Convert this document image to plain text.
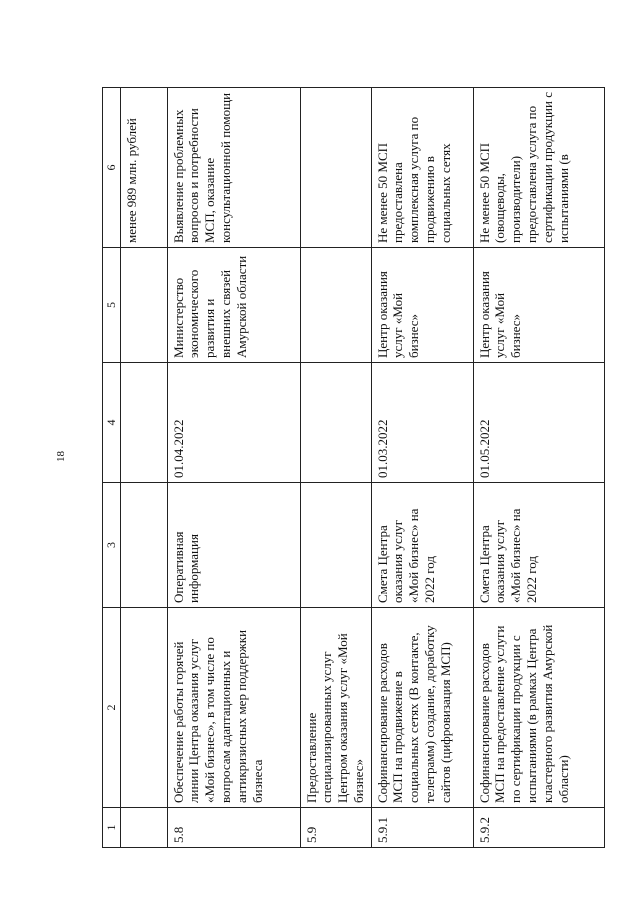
18
1	2	3	4	5	6
					менее 989 млн. рублей
5.8	Обеспечение работы горячей линии Центра оказания услуг «Мой бизнес», в том числе по вопросам адаптационных и антикризисных мер поддержки бизнеса	Оперативная информация	01.04.2022	Министерство экономического развития и внешних связей Амурской области	Выявление проблемных вопросов и потребности МСП, оказание консультационной помощи
5.9	Предоставление специализированных услуг Центром оказания услуг «Мой бизнес»				
5.9.1	Софинансирование расходов МСП на продвижение в социальных сетях (В контакте, телеграмм) создание, доработку сайтов (цифровизация МСП)	Смета Центра оказания услуг «Мой бизнес» на 2022 год	01.03.2022	Центр оказания услуг «Мой бизнес»	Не менее 50 МСП предоставлена комплексная услуга по продвижению в социальных сетях
5.9.2	Софинансирование расходов МСП на предоставление услуги по сертификации продукции с испытаниями (в рамках Центра кластерного развития Амурской области)	Смета Центра оказания услуг «Мой бизнес» на 2022 год	01.05.2022	Центр оказания услуг «Мой бизнес»	Не менее 50 МСП (овощеводы, производители) предоставлена услуга по сертификации продукции с испытаниями (в
